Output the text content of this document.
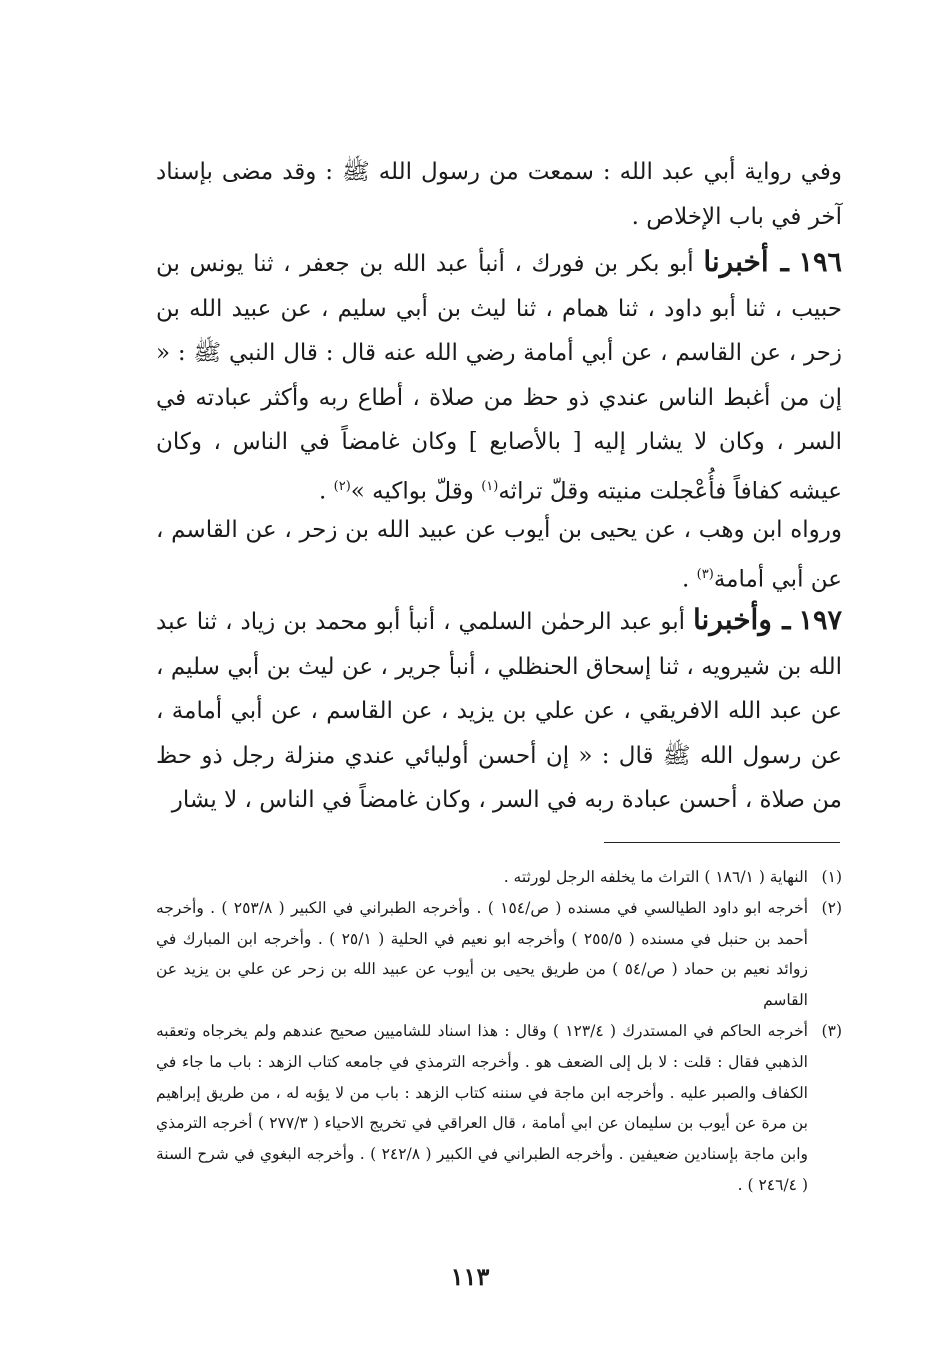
وفي رواية أبي عبد الله : سمعت من رسول الله ﷺ : وقد مضى بإسناد آخر في باب الإخلاص .

١٩٦ ـ أخبرنا أبو بكر بن فورك ، أنبأ عبد الله بن جعفر ، ثنا يونس بن حبيب ، ثنا أبو داود ، ثنا همام ، ثنا ليث بن أبي سليم ، عن عبيد الله بن زحر ، عن القاسم ، عن أبي أمامة رضي الله عنه قال : قال النبي ﷺ : « إن من أغبط الناس عندي ذو حظ من صلاة ، أطاع ربه وأكثر عبادته في السر ، وكان لا يشار إليه [ بالأصابع ] وكان غامضاً في الناس ، وكان عيشه كفافاً فأُعْجلت منيته وقلّ تراثه$^{(١)}$ وقلّ بواكيه »$^{(٢)}$ .

ورواه ابن وهب ، عن يحيى بن أيوب عن عبيد الله بن زحر ، عن القاسم ، عن أبي أمامة$^{(٣)}$ .

١٩٧ ـ وأخبرنا أبو عبد الرحمٰن السلمي ، أنبأ أبو محمد بن زياد ، ثنا عبد الله بن شيرويه ، ثنا إسحاق الحنظلي ، أنبأ جرير ، عن ليث بن أبي سليم ، عن عبد الله الافريقي ، عن علي بن يزيد ، عن القاسم ، عن أبي أمامة ، عن رسول الله ﷺ قال : « إن أحسن أوليائي عندي منزلة رجل ذو حظ من صلاة ، أحسن عبادة ربه في السر ، وكان غامضاً في الناس ، لا يشار

(١)
النهاية ( ١٨٦/١ ) التراث ما يخلفه الرجل لورثته .
(٢)
أخرجه ابو داود الطيالسي في مسنده ( ص/١٥٤ ) . وأخرجه الطبراني في الكبير ( ٢٥٣/٨ ) . وأخرجه أحمد بن حنبل في مسنده ( ٢٥٥/٥ ) وأخرجه ابو نعيم في الحلية ( ٢٥/١ ) . وأخرجه ابن المبارك في زوائد نعيم بن حماد ( ص/٥٤ ) من طريق يحيى بن أيوب عن عبيد الله بن زحر عن علي بن يزيد عن القاسم
(٣)
أخرجه الحاكم في المستدرك ( ١٢٣/٤ ) وقال : هذا اسناد للشاميين صحيح عندهم ولم يخرجاه وتعقبه الذهبي فقال : قلت : لا بل إلى الضعف هو . وأخرجه الترمذي في جامعه كتاب الزهد : باب ما جاء في الكفاف والصبر عليه . وأخرجه ابن ماجة في سننه كتاب الزهد : باب من لا يؤبه له ، من طريق إبراهيم بن مرة عن أيوب بن سليمان عن ابي أمامة ، قال العراقي في تخريج الاحياء ( ٢٧٧/٣ ) أخرجه الترمذي وابن ماجة بإسنادين ضعيفين . وأخرجه الطبراني في الكبير ( ٢٤٢/٨ ) . وأخرجه البغوي في شرح السنة ( ٢٤٦/٤ ) .
١١٣
